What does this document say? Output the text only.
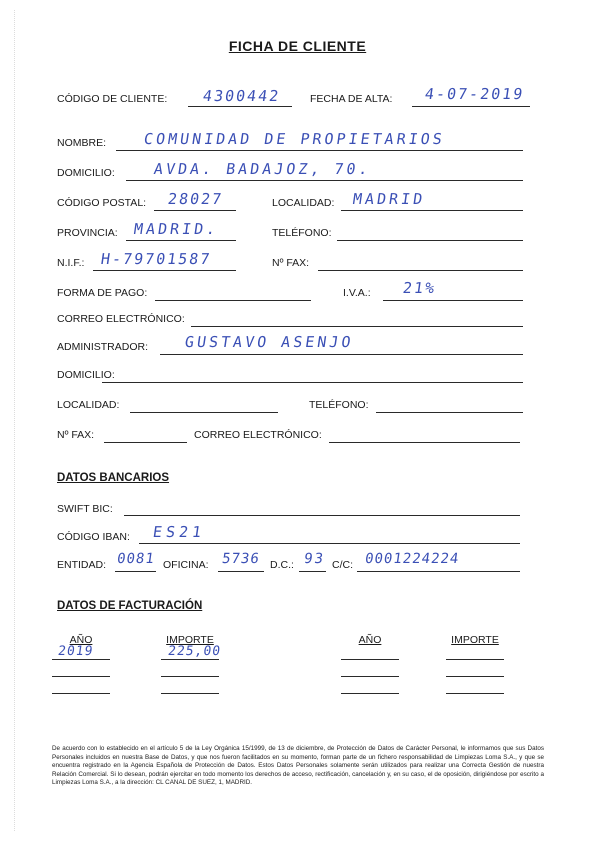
FICHA DE CLIENTE
CÓDIGO DE CLIENTE: 4300442	FECHA DE ALTA: 4-07-2019
NOMBRE: COMUNIDAD DE PROPIETARIOS
DOMICILIO:	AVDA. BADAJOZ, 70.
CÓDIGO POSTAL: 28027	LOCALIDAD: MADRID
PROVINCIA: MADRID.	TELÉFONO:
N.I.F.: H-79701587	Nº FAX:
FORMA DE PAGO:	I.V.A.: 21%
CORREO ELECTRÓNICO:
ADMINISTRADOR: GUSTAVO ASENJO
DOMICILIO:
LOCALIDAD:	TELÉFONO:
Nº FAX:	CORREO ELECTRÓNICO:
DATOS BANCARIOS
SWIFT BIC:
CÓDIGO IBAN: ES21
ENTIDAD: 0081 OFICINA: 5736 D.C.: 93 C/C: 0001224224
DATOS DE FACTURACIÓN
AÑO	IMPORTE	AÑO	IMPORTE
2019	225,00
De acuerdo con lo establecido en el artículo 5 de la Ley Orgánica 15/1999, de 13 de diciembre, de Protección de Datos de Carácter Personal, le informamos que sus Datos Personales incluidos en nuestra Base de Datos, y que nos fueron facilitados en su momento, forman parte de un fichero responsabilidad de Limpiezas Loma S.A., y que se encuentra registrado en la Agencia Española de Protección de Datos. Estos Datos Personales solamente serán utilizados para realizar una Correcta Gestión de nuestra Relación Comercial. Si lo desean, podrán ejercitar en todo momento los derechos de acceso, rectificación, cancelación y, en su caso, el de oposición, dirigiéndose por escrito a Limpiezas Loma S.A., a la dirección: CL CANAL DE SUEZ, 1, MADRID.
